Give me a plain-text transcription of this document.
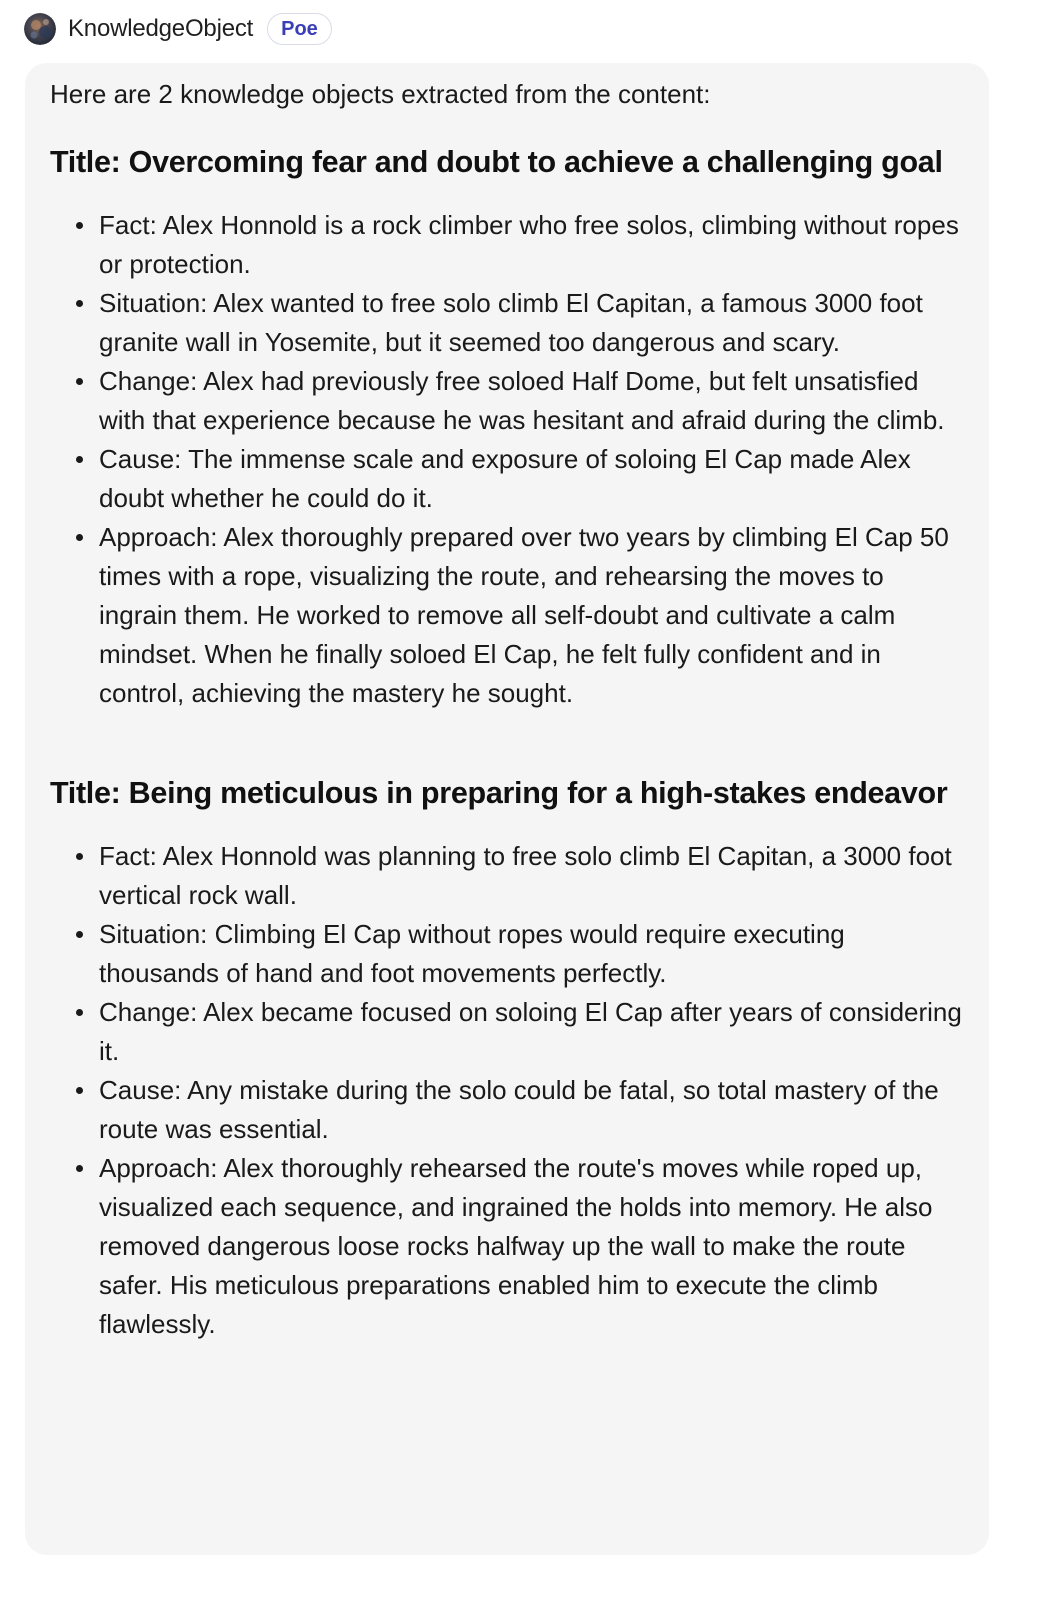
KnowledgeObject	Poe

Here are 2 knowledge objects extracted from the content:

Title: Overcoming fear and doubt to achieve a challenging goal
Fact: Alex Honnold is a rock climber who free solos, climbing without ropes or protection.
Situation: Alex wanted to free solo climb El Capitan, a famous 3000 foot granite wall in Yosemite, but it seemed too dangerous and scary.
Change: Alex had previously free soloed Half Dome, but felt unsatisfied with that experience because he was hesitant and afraid during the climb.
Cause: The immense scale and exposure of soloing El Cap made Alex doubt whether he could do it.
Approach: Alex thoroughly prepared over two years by climbing El Cap 50 times with a rope, visualizing the route, and rehearsing the moves to ingrain them. He worked to remove all self-doubt and cultivate a calm mindset. When he finally soloed El Cap, he felt fully confident and in control, achieving the mastery he sought.
Title: Being meticulous in preparing for a high-stakes endeavor
Fact: Alex Honnold was planning to free solo climb El Capitan, a 3000 foot vertical rock wall.
Situation: Climbing El Cap without ropes would require executing thousands of hand and foot movements perfectly.
Change: Alex became focused on soloing El Cap after years of considering it.
Cause: Any mistake during the solo could be fatal, so total mastery of the route was essential.
Approach: Alex thoroughly rehearsed the route's moves while roped up, visualized each sequence, and ingrained the holds into memory. He also removed dangerous loose rocks halfway up the wall to make the route safer. His meticulous preparations enabled him to execute the climb flawlessly.
